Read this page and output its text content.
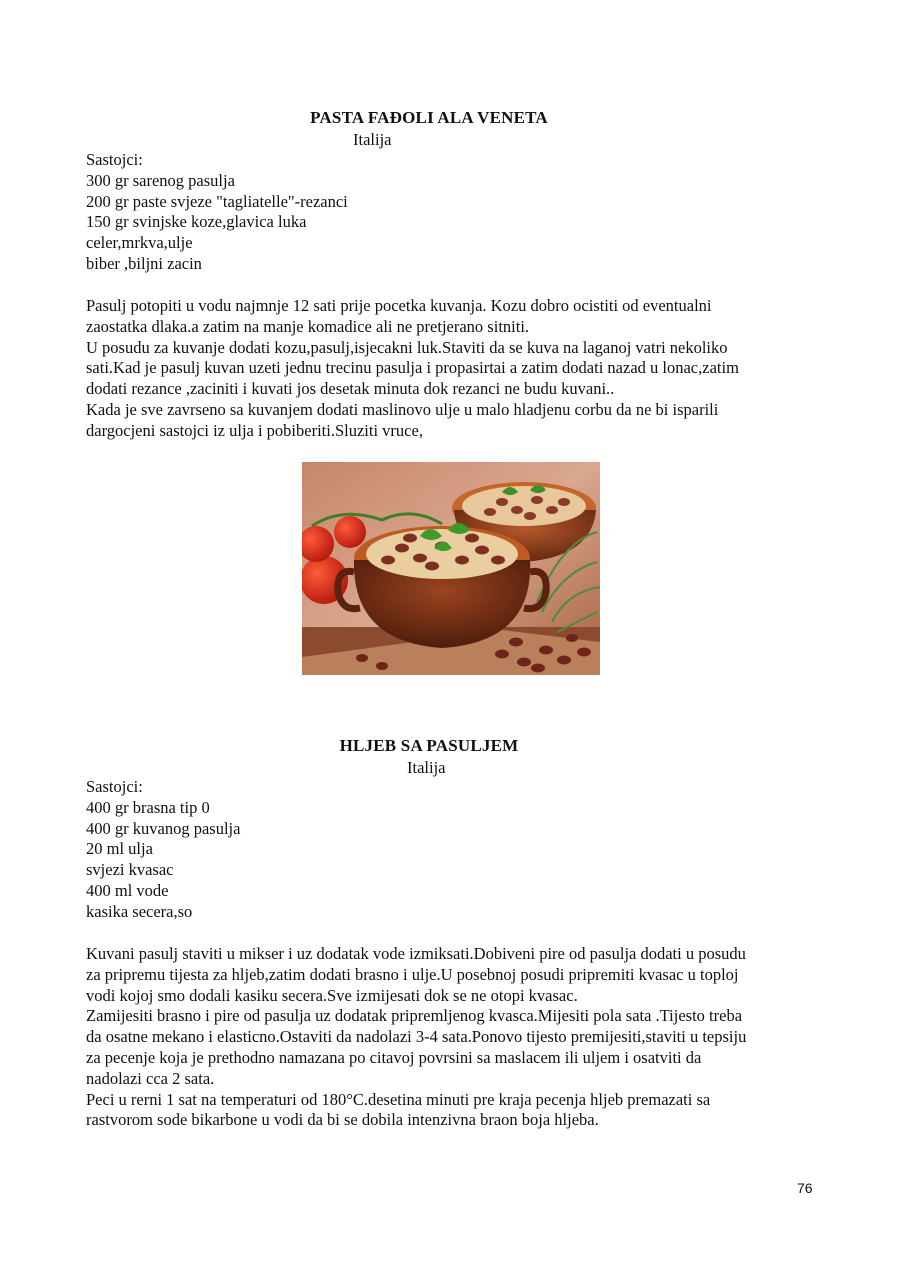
PASTA FAĐOLI ALA VENETA
Italija
Sastojci:
300 gr sarenog pasulja
200 gr paste svjeze "tagliatelle"-rezanci
150 gr svinjske koze,glavica luka
celer,mrkva,ulje
biber ,biljni zacin
Pasulj potopiti u vodu najmnje 12 sati prije pocetka kuvanja. Kozu dobro ocistiti od eventualni
zaostatka dlaka.a zatim na manje komadice ali ne pretjerano sitniti.
U posudu za kuvanje dodati kozu,pasulj,isjecakni luk.Staviti da se kuva na laganoj vatri nekoliko
sati.Kad je pasulj kuvan uzeti jednu trecinu pasulja i propasirtai a zatim dodati nazad u lonac,zatim
dodati rezance ,zaciniti i kuvati jos desetak minuta dok rezanci ne budu kuvani..
Kada je sve zavrseno sa kuvanjem dodati maslinovo ulje u malo hladjenu corbu da ne bi isparili
dargocjeni sastojci iz ulja i pobiberiti.Sluziti vruce,
HLJEB SA PASULJEM
Italija
Sastojci:
400 gr brasna tip 0
400 gr kuvanog pasulja
20 ml ulja
svjezi kvasac
400 ml vode
kasika secera,so
Kuvani pasulj staviti u mikser i uz dodatak vode izmiksati.Dobiveni pire od pasulja dodati u posudu
za pripremu tijesta za hljeb,zatim dodati brasno i ulje.U posebnoj posudi pripremiti kvasac u toploj
vodi kojoj smo dodali kasiku secera.Sve izmijesati dok se ne otopi kvasac.
Zamijesiti brasno i pire od pasulja uz dodatak pripremljenog kvasca.Mijesiti pola sata .Tijesto treba
da osatne mekano i elasticno.Ostaviti da nadolazi 3-4 sata.Ponovo tijesto premijesiti,staviti u tepsiju
za pecenje koja je prethodno namazana po citavoj povrsini sa maslacem ili uljem i osatviti da
nadolazi cca 2 sata.
Peci u rerni 1 sat na temperaturi od 180°C.desetina minuti pre kraja pecenja hljeb premazati sa
rastvorom sode bikarbone u vodi da bi se dobila intenzivna braon boja hljeba.
76
